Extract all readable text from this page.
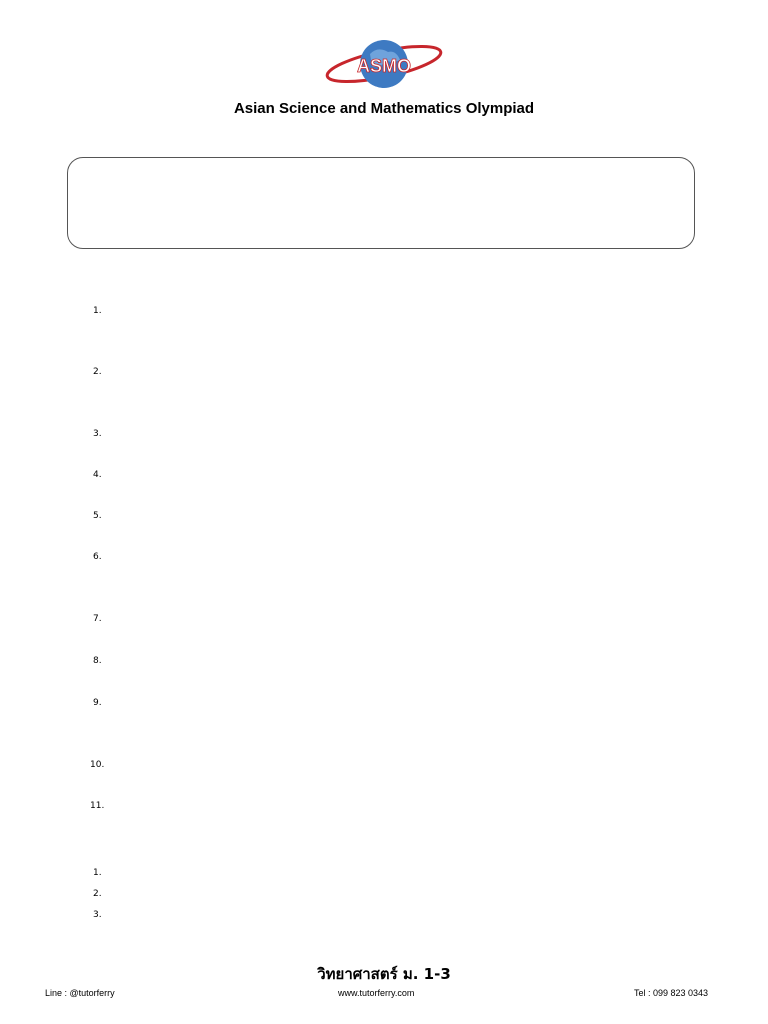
ASMO
Asian Science and Mathematics Olympiad
1.
2.
3.
4.
5.
6.
7.
8.
9.
10.
11.
1.
2.
3.
วิทยาศาสตร์ ม. 1-3
Line : @tutorferry	www.tutorferry.com	Tel : 099 823 0343
